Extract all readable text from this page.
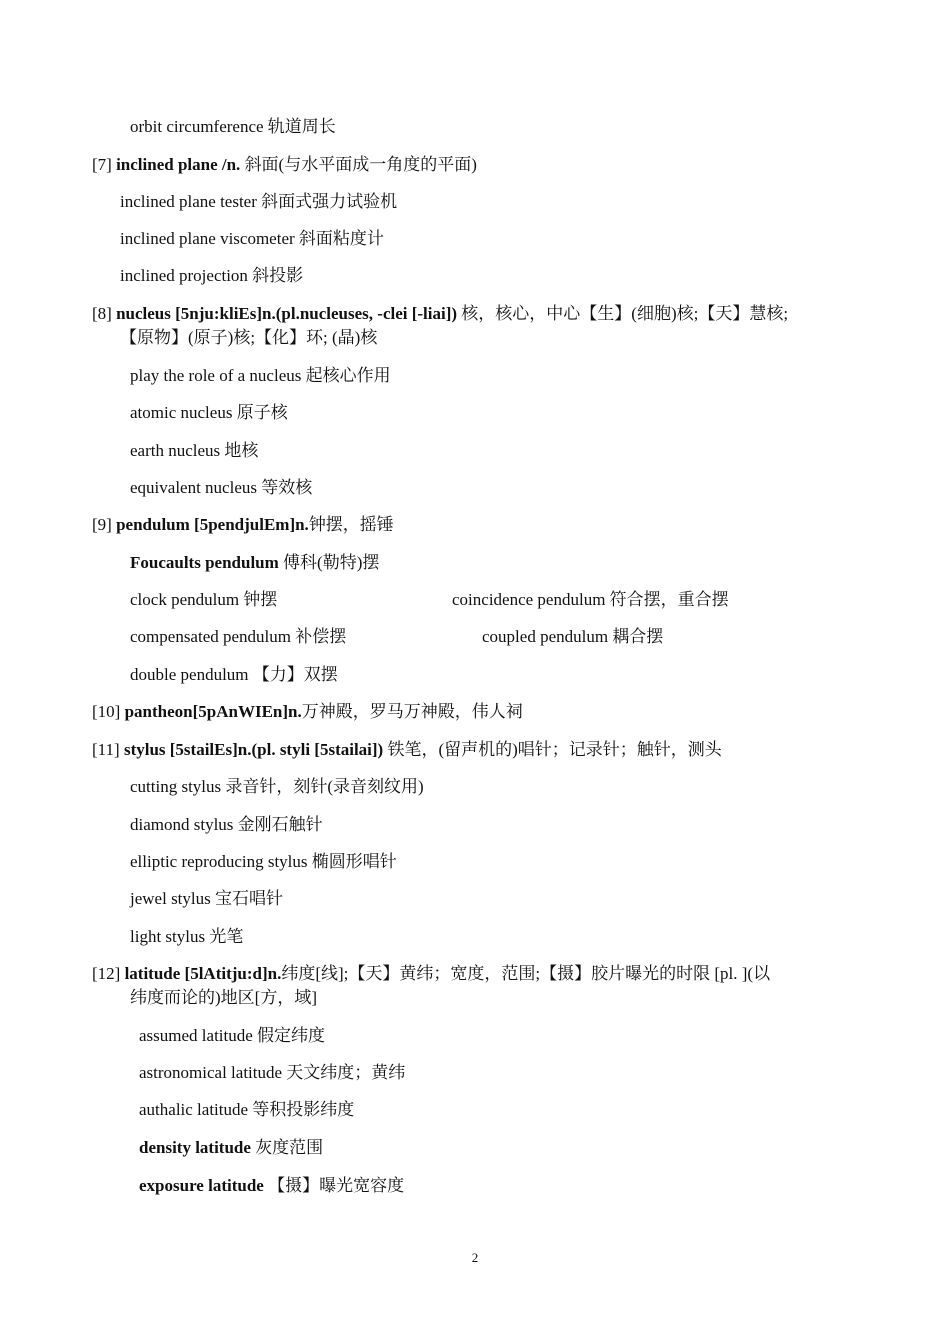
orbit circumference 轨道周长
[7] inclined plane /n. 斜面(与水平面成一角度的平面)
inclined plane tester 斜面式强力试验机
inclined plane viscometer 斜面粘度计
inclined projection 斜投影
[8] nucleus [5nju:kliEs]n.(pl.nucleuses, -clei [-liai]) 核，核心，中心【生】(细胞)核;【天】慧核;
【原物】(原子)核;【化】环; (晶)核
play the role of a nucleus 起核心作用
atomic nucleus 原子核
earth nucleus 地核
equivalent nucleus 等效核
[9] pendulum [5pendjulEm]n.钟摆，摇锤
Foucaults pendulum 傅科(勒特)摆
clock pendulum 钟摆	coincidence pendulum 符合摆，重合摆
compensated pendulum 补偿摆	coupled pendulum 耦合摆
double pendulum 【力】双摆
[10] pantheon[5pAnWIEn]n.万神殿，罗马万神殿，伟人祠
[11] stylus [5stailEs]n.(pl. styli [5stailai]) 铁笔，(留声机的)唱针；记录针；触针，测头
cutting stylus 录音针，刻针(录音刻纹用)
diamond stylus 金刚石触针
elliptic reproducing stylus 椭圆形唱针
jewel stylus 宝石唱针
light stylus 光笔
[12] latitude [5lAtitju:d]n.纬度[线];【天】黄纬；宽度，范围;【摄】胶片曝光的时限 [pl. ](以
纬度而论的)地区[方，域]
assumed latitude 假定纬度
astronomical latitude 天文纬度；黄纬
authalic latitude 等积投影纬度
density latitude 灰度范围
exposure latitude 【摄】曝光宽容度
2
